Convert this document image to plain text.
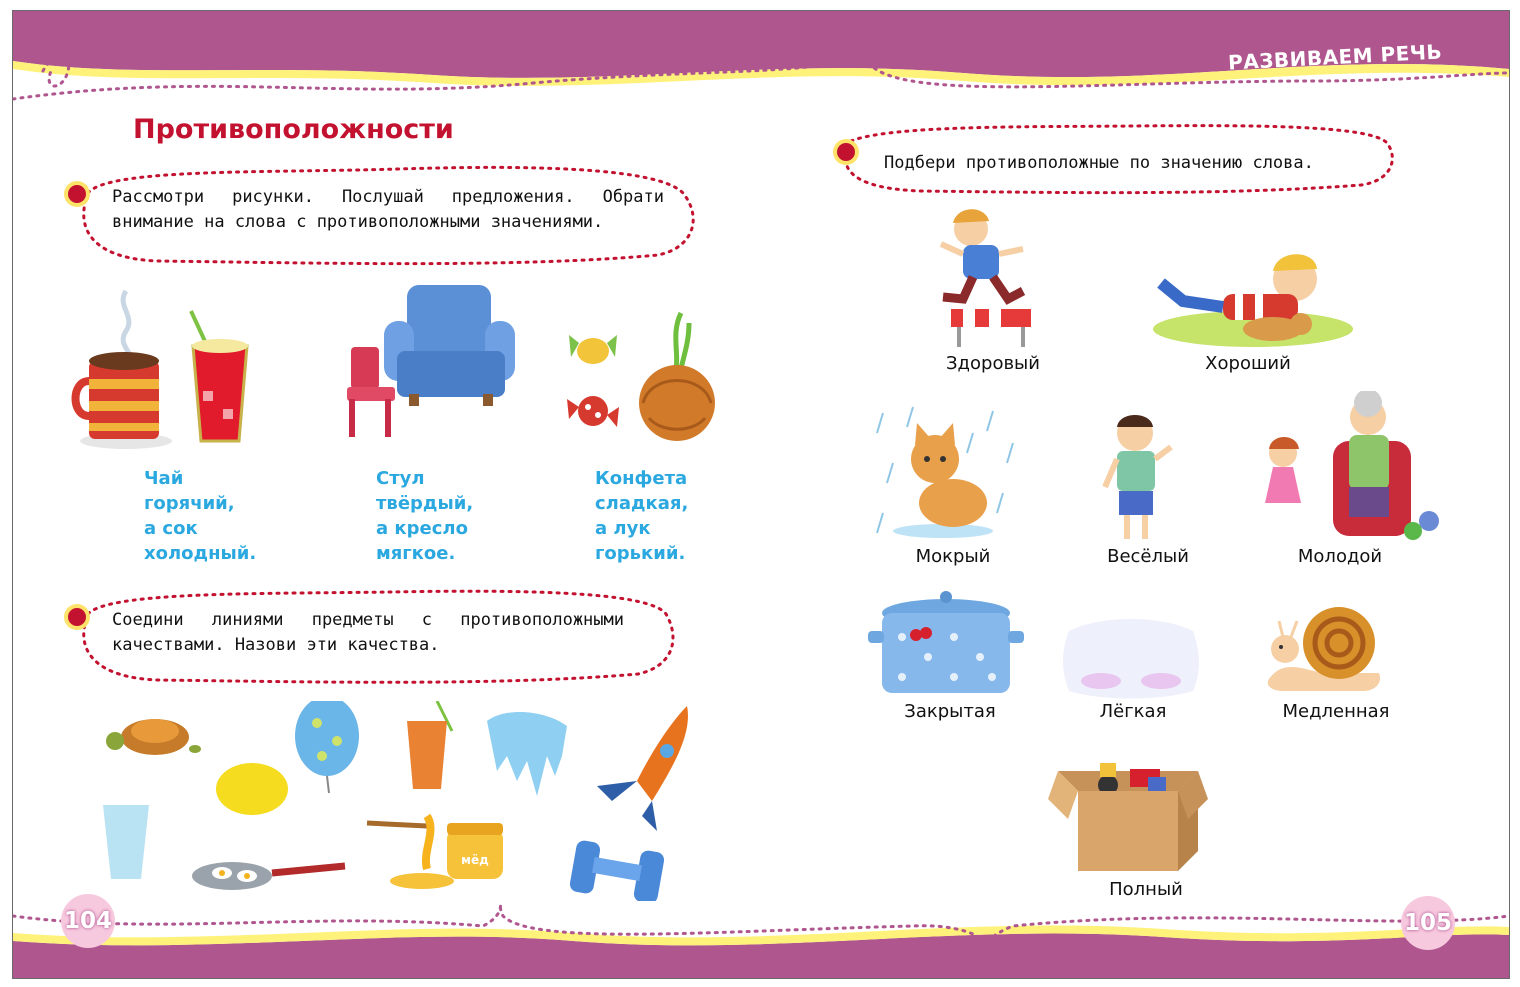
РАЗВИВАЕМ РЕЧЬ
Противоположности
Рассмотри рисунки. Послушай предложения. Обрати внимание на слова с противоположными значениями.
Чай
горячий,
а сок
холодный.
Стул
твёрдый,
а кресло
мягкое.
Конфета
сладкая,
а лук
горький.
Соедини линиями предметы с противоположными качествами. Назови эти качества.
мёд
104
Подбери противоположные по значению слова.
Здоровый	Хороший
Мокрый	Весёлый	Молодой
Закрытая	Лёгкая	Медленная
Полный
105
